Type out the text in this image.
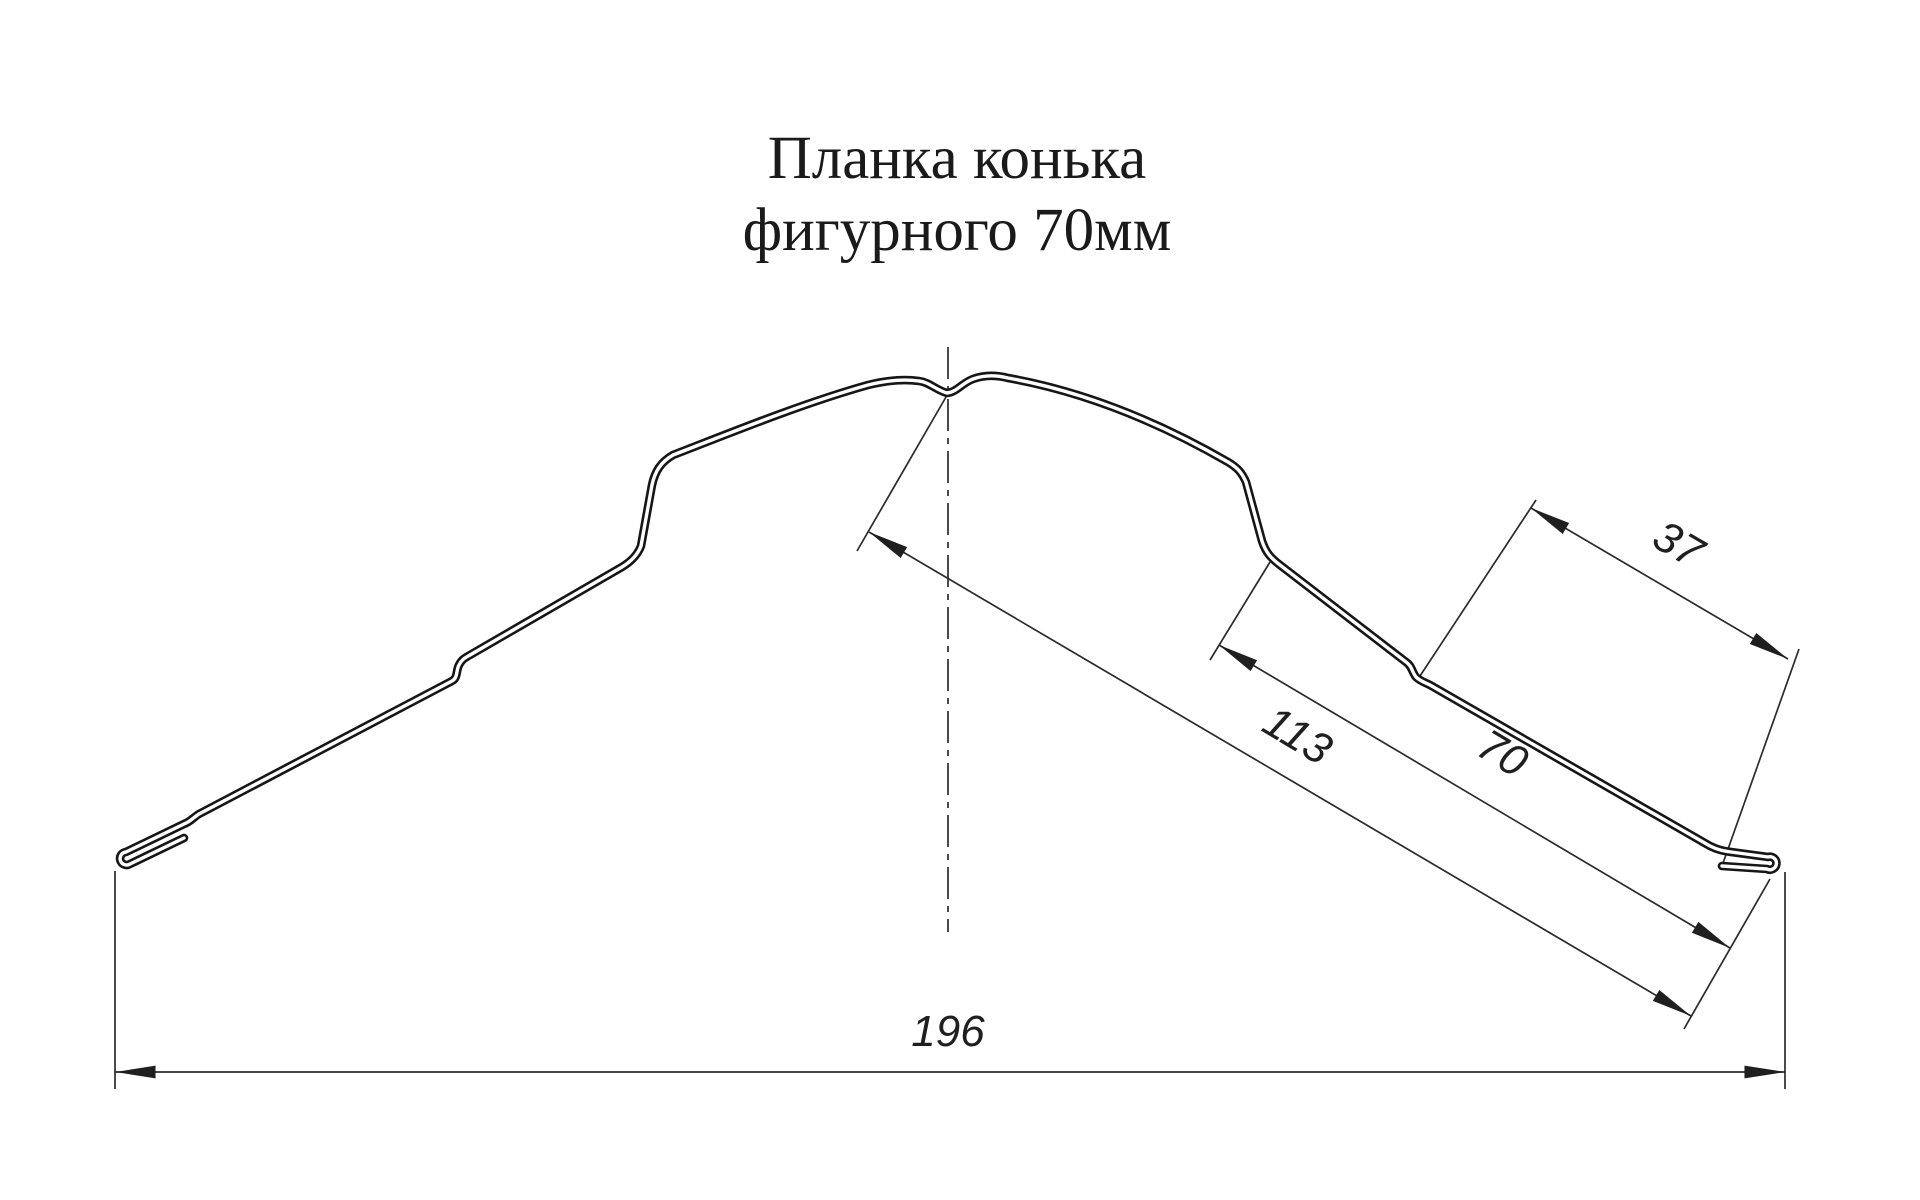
Планка конька
фигурного 70мм
37
113	70
196
